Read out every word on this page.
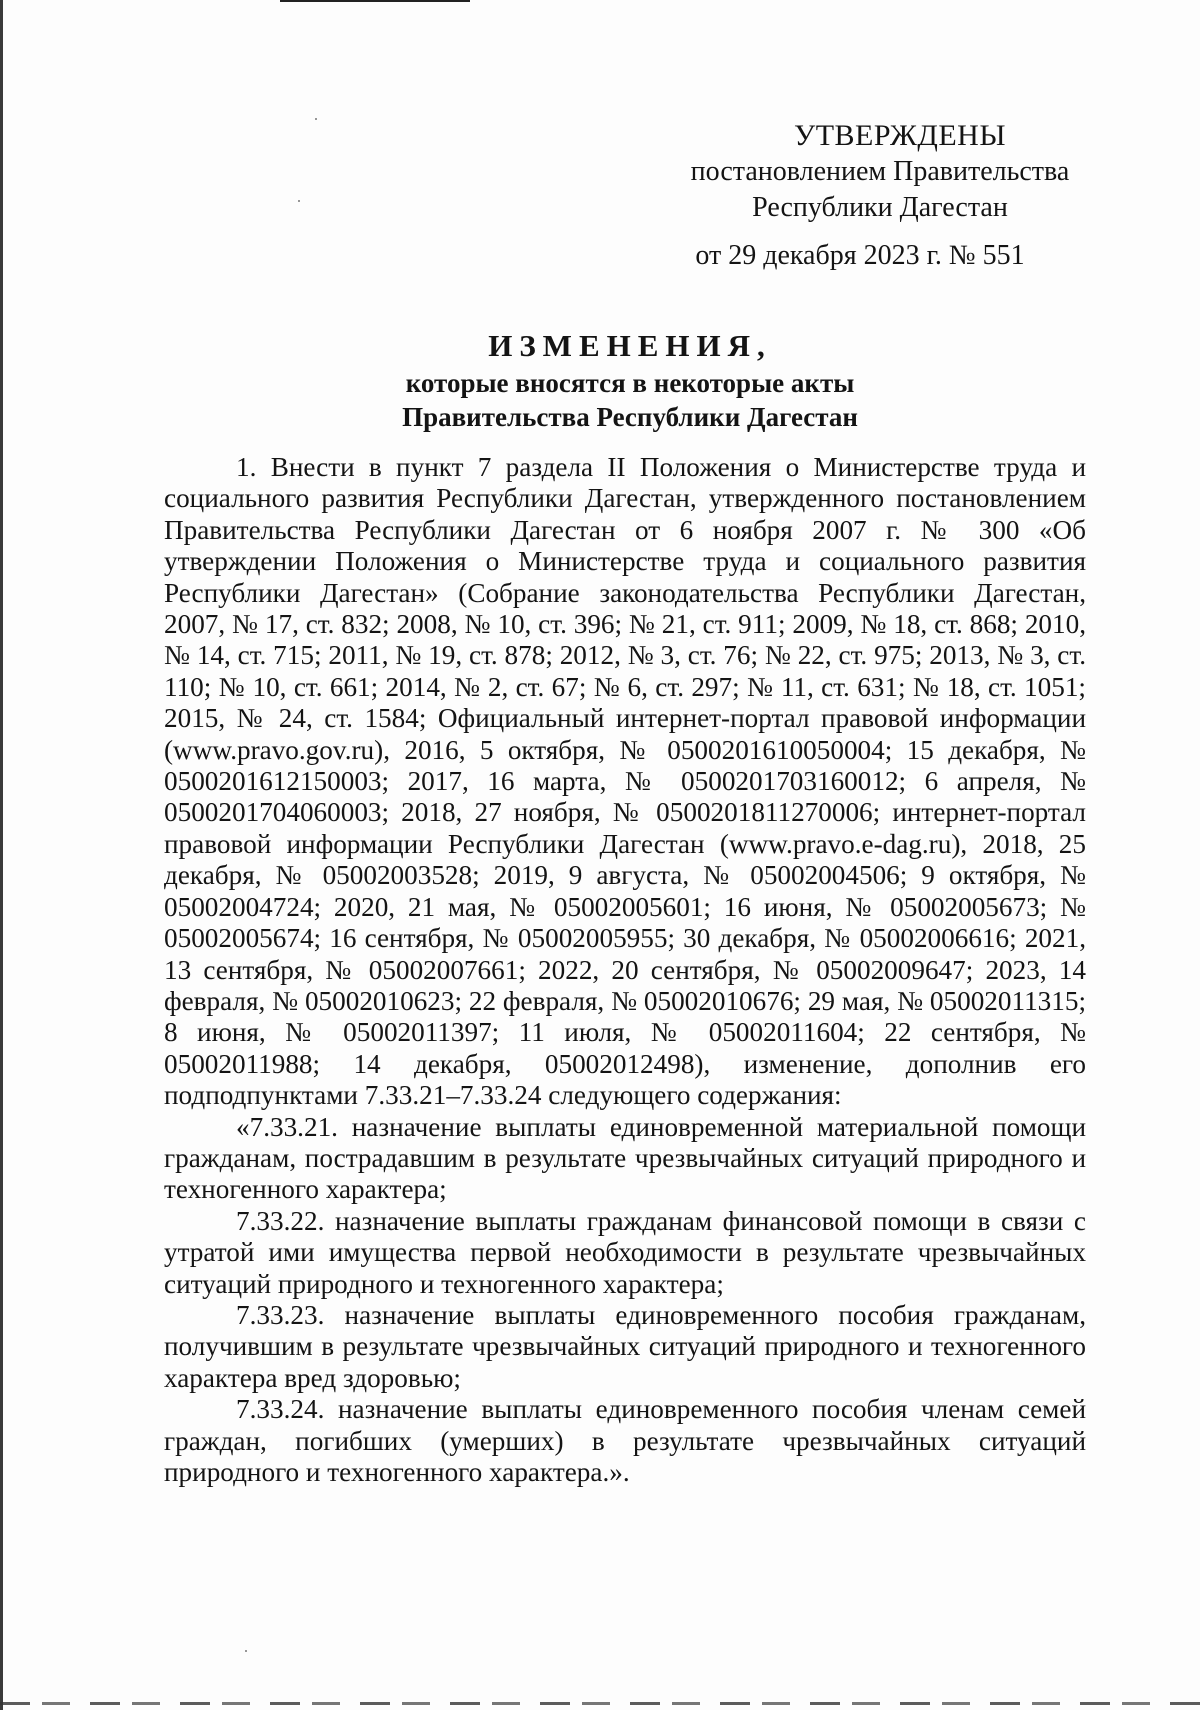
УТВЕРЖДЕНЫ
постановлением Правительства
Республики Дагестан
от 29 декабря 2023 г. № 551
ИЗМЕНЕНИЯ,
которые вносятся в некоторые акты
Правительства Республики Дагестан

1. Внести в пункт 7 раздела II Положения о Министерстве труда и социального развития Республики Дагестан, утвержденного постановлением Правительства Республики Дагестан от 6 ноября 2007 г. № 300 «Об утверждении Положения о Министерстве труда и социального развития Республики Дагестан» (Собрание законодательства Республики Дагестан, 2007, № 17, ст. 832; 2008, № 10, ст. 396; № 21, ст. 911; 2009, № 18, ст. 868; 2010, № 14, ст. 715; 2011, № 19, ст. 878; 2012, № 3, ст. 76; № 22, ст. 975; 2013, № 3, ст. 110; № 10, ст. 661; 2014, № 2, ст. 67; № 6, ст. 297; № 11, ст. 631; № 18, ст. 1051; 2015, № 24, ст. 1584; Официальный интернет-портал правовой информации (www.pravo.gov.ru), 2016, 5 октября, № 0500201610050004; 15 декабря, № 0500201612150003; 2017, 16 марта, № 0500201703160012; 6 апреля, № 0500201704060003; 2018, 27 ноября, № 0500201811270006; интернет-портал правовой информации Республики Дагестан (www.pravo.e-dag.ru), 2018, 25 декабря, № 05002003528; 2019, 9 августа, № 05002004506; 9 октября, № 05002004724; 2020, 21 мая, № 05002005601; 16 июня, № 05002005673; № 05002005674; 16 сентября, № 05002005955; 30 декабря, № 05002006616; 2021, 13 сентября, № 05002007661; 2022, 20 сентября, № 05002009647; 2023, 14 февраля, № 05002010623; 22 февраля, № 05002010676; 29 мая, № 05002011315; 8 июня, № 05002011397; 11 июля, № 05002011604; 22 сентября, № 05002011988; 14 декабря, 05002012498), изменение, дополнив его подподпунктами 7.33.21–7.33.24 следующего содержания:

«7.33.21. назначение выплаты единовременной материальной помощи гражданам, пострадавшим в результате чрезвычайных ситуаций природного и техногенного характера;

7.33.22. назначение выплаты гражданам финансовой помощи в связи с утратой ими имущества первой необходимости в результате чрезвычайных ситуаций природного и техногенного характера;

7.33.23. назначение выплаты единовременного пособия гражданам, получившим в результате чрезвычайных ситуаций природного и техногенного характера вред здоровью;

7.33.24. назначение выплаты единовременного пособия членам семей граждан, погибших (умерших) в результате чрезвычайных ситуаций природного и техногенного характера.».
